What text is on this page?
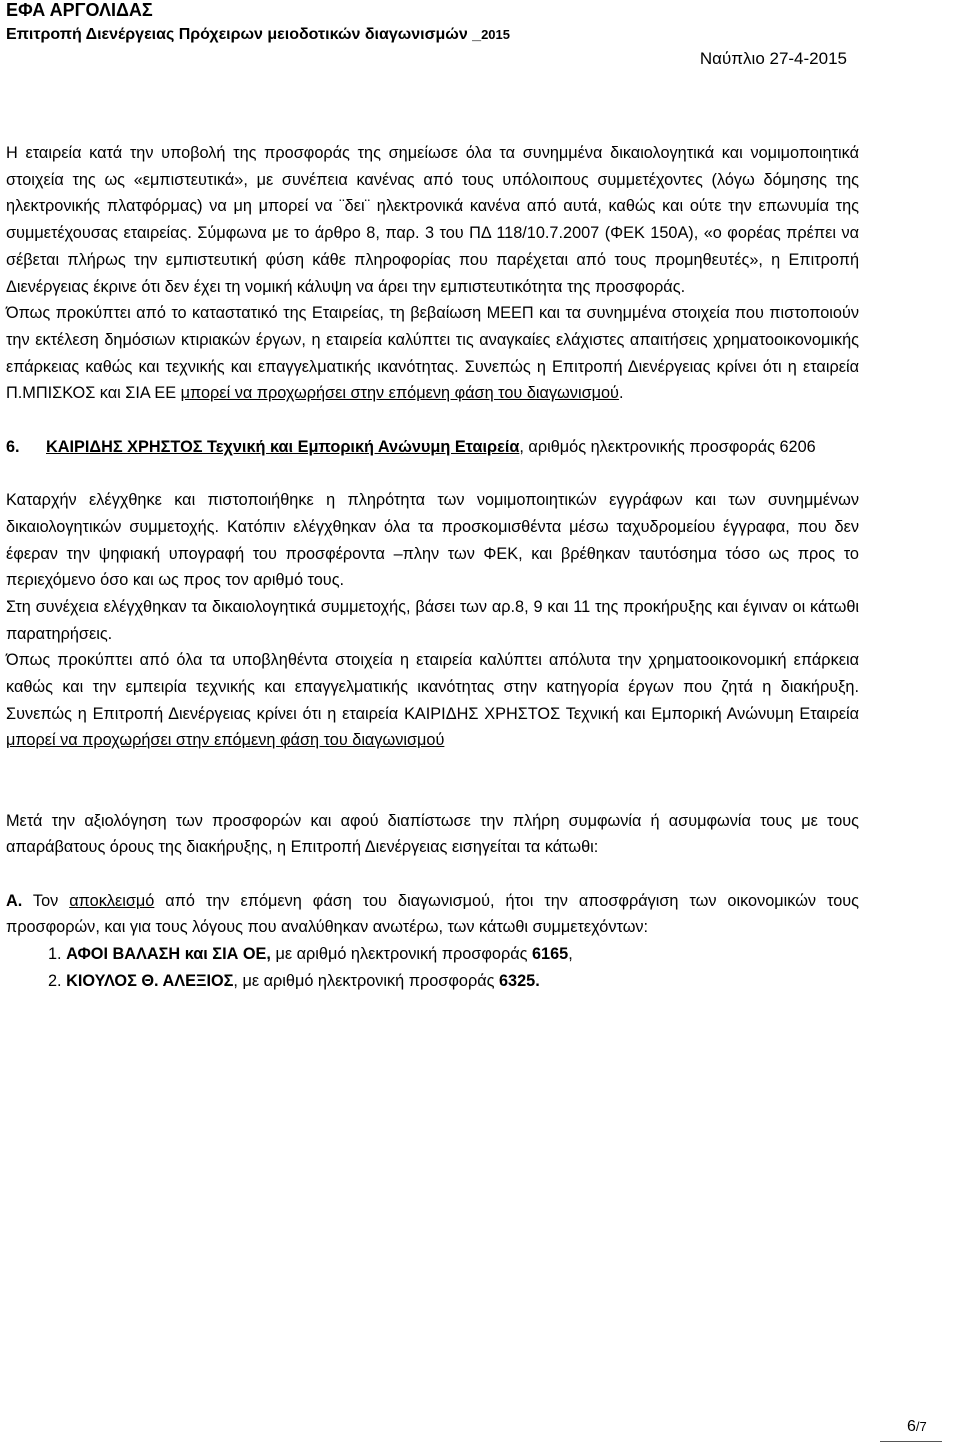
ΕΦΑ ΑΡΓΟΛΙΔΑΣ
Επιτροπή Διενέργειας Πρόχειρων μειοδοτικών διαγωνισμών _2015
Ναύπλιο 27-4-2015

Η εταιρεία κατά την υποβολή της προσφοράς της σημείωσε όλα τα συνημμένα δικαιολογητικά και νομιμοποιητικά στοιχεία της ως «εμπιστευτικά», με συνέπεια κανένας από τους υπόλοιπους συμμετέχοντες (λόγω δόμησης της ηλεκτρονικής πλατφόρμας) να μη μπορεί να ¨δει¨ ηλεκτρονικά κανένα από αυτά, καθώς και ούτε την επωνυμία της συμμετέχουσας εταιρείας. Σύμφωνα με το άρθρο 8, παρ. 3 του ΠΔ 118/10.7.2007 (ΦΕΚ 150Α), «ο φορέας πρέπει να σέβεται πλήρως την εμπιστευτική φύση κάθε πληροφορίας που παρέχεται από τους προμηθευτές», η Επιτροπή Διενέργειας έκρινε ότι δεν έχει τη νομική κάλυψη να άρει την εμπιστευτικότητα της προσφοράς.

Όπως προκύπτει από το καταστατικό της Εταιρείας, τη βεβαίωση ΜΕΕΠ και τα συνημμένα στοιχεία που πιστοποιούν την εκτέλεση δημόσιων κτιριακών έργων, η εταιρεία καλύπτει τις αναγκαίες ελάχιστες απαιτήσεις χρηματοοικονομικής επάρκειας καθώς και τεχνικής και επαγγελματικής ικανότητας. Συνεπώς η Επιτροπή Διενέργειας κρίνει ότι η εταιρεία Π.ΜΠΙΣΚΟΣ και ΣΙΑ ΕΕ μπορεί να προχωρήσει στην επόμενη φάση του διαγωνισμού.

6. ΚΑΙΡΙΔΗΣ ΧΡΗΣΤΟΣ Τεχνική και Εμπορική Ανώνυμη Εταιρεία, αριθμός ηλεκτρονικής προσφοράς 6206

Καταρχήν ελέγχθηκε και πιστοποιήθηκε η πληρότητα των νομιμοποιητικών εγγράφων και των συνημμένων δικαιολογητικών συμμετοχής. Κατόπιν ελέγχθηκαν όλα τα προσκομισθέντα μέσω ταχυδρομείου έγγραφα, που δεν έφεραν την ψηφιακή υπογραφή του προσφέροντα –πλην των ΦΕΚ, και βρέθηκαν ταυτόσημα τόσο ως προς το περιεχόμενο όσο και ως προς τον αριθμό τους.

Στη συνέχεια ελέγχθηκαν τα δικαιολογητικά συμμετοχής, βάσει των αρ.8, 9 και 11 της προκήρυξης και έγιναν οι κάτωθι παρατηρήσεις.

Όπως προκύπτει από όλα τα υποβληθέντα στοιχεία η εταιρεία καλύπτει απόλυτα την χρηματοοικονομική επάρκεια καθώς και την εμπειρία τεχνικής και επαγγελματικής ικανότητας στην κατηγορία έργων που ζητά η διακήρυξη. Συνεπώς η Επιτροπή Διενέργειας κρίνει ότι η εταιρεία ΚΑΙΡΙΔΗΣ ΧΡΗΣΤΟΣ Τεχνική και Εμπορική Ανώνυμη Εταιρεία μπορεί να προχωρήσει στην επόμενη φάση του διαγωνισμού

Μετά την αξιολόγηση των προσφορών και αφού διαπίστωσε την πλήρη συμφωνία ή ασυμφωνία τους με τους απαράβατους όρους της διακήρυξης, η Επιτροπή Διενέργειας εισηγείται τα κάτωθι:

Α. Τον αποκλεισμό από την επόμενη φάση του διαγωνισμού, ήτοι την αποσφράγιση των οικονομικών τους προσφορών, και για τους λόγους που αναλύθηκαν ανωτέρω, των κάτωθι συμμετεχόντων:

1. ΑΦΟΙ ΒΑΛΑΣΗ και ΣΙΑ ΟΕ, με αριθμό ηλεκτρονική προσφοράς 6165,

2. ΚΙΟΥΛΟΣ Θ. ΑΛΕΞΙΟΣ, με αριθμό ηλεκτρονική προσφοράς 6325.

6/7
